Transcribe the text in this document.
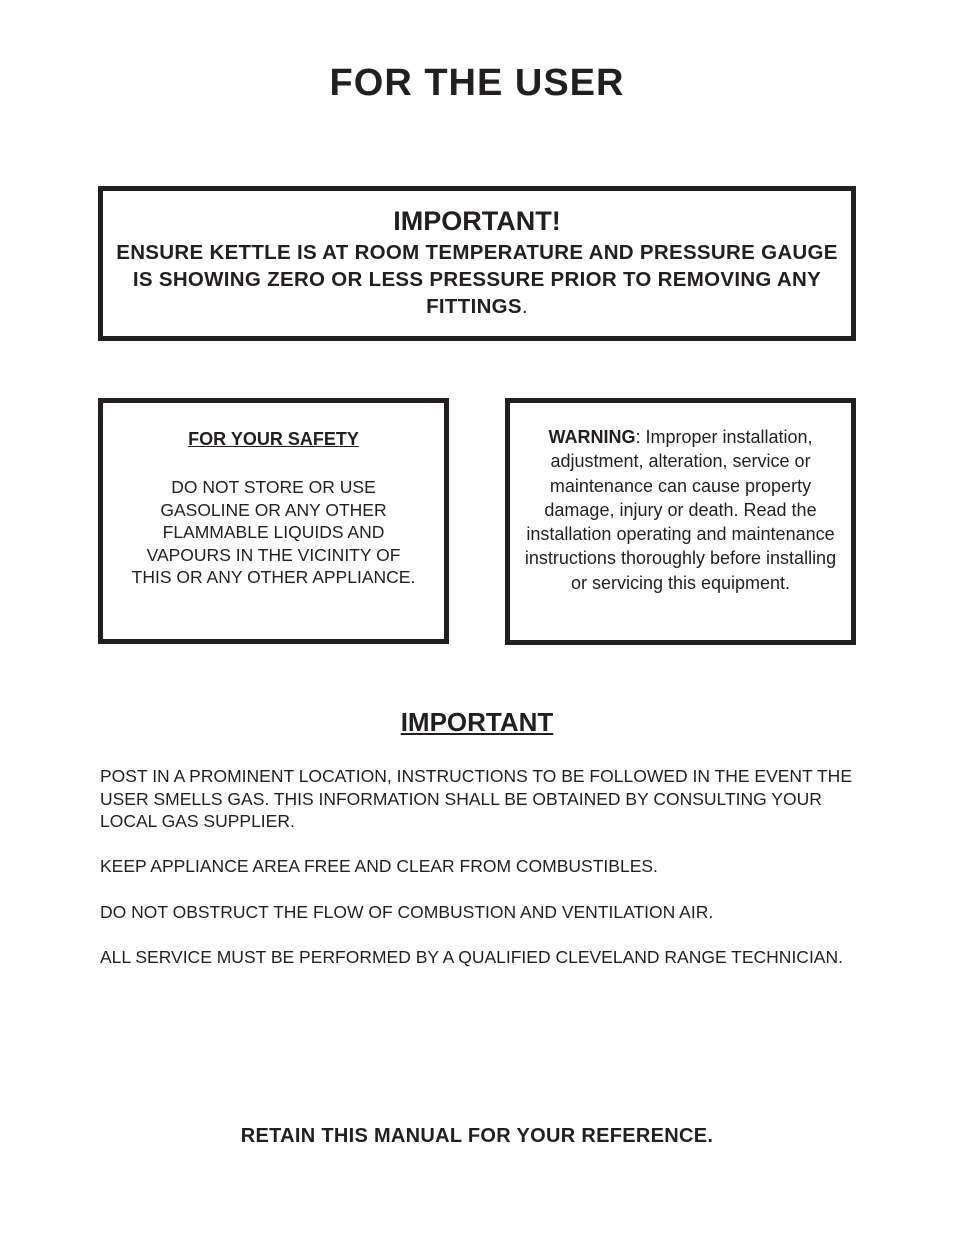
FOR THE USER

IMPORTANT!

ENSURE KETTLE IS AT ROOM TEMPERATURE AND PRESSURE GAUGE IS SHOWING ZERO OR LESS PRESSURE PRIOR TO REMOVING ANY FITTINGS.

FOR YOUR SAFETY

DO NOT STORE OR USE GASOLINE OR ANY OTHER FLAMMABLE LIQUIDS AND VAPOURS IN THE VICINITY OF THIS OR ANY OTHER APPLIANCE.

WARNING: Improper installation, adjustment, alteration, service or maintenance can cause property damage, injury or death. Read the installation operating and maintenance instructions thoroughly before installing or servicing this equipment.

IMPORTANT

POST IN A PROMINENT LOCATION, INSTRUCTIONS TO BE FOLLOWED IN THE EVENT THE USER SMELLS GAS. THIS INFORMATION SHALL BE OBTAINED BY CONSULTING YOUR LOCAL GAS SUPPLIER.

KEEP APPLIANCE AREA FREE AND CLEAR FROM COMBUSTIBLES.

DO NOT OBSTRUCT THE FLOW OF COMBUSTION AND VENTILATION AIR.

ALL SERVICE MUST BE PERFORMED BY A QUALIFIED CLEVELAND RANGE TECHNICIAN.

RETAIN THIS MANUAL FOR YOUR REFERENCE.
